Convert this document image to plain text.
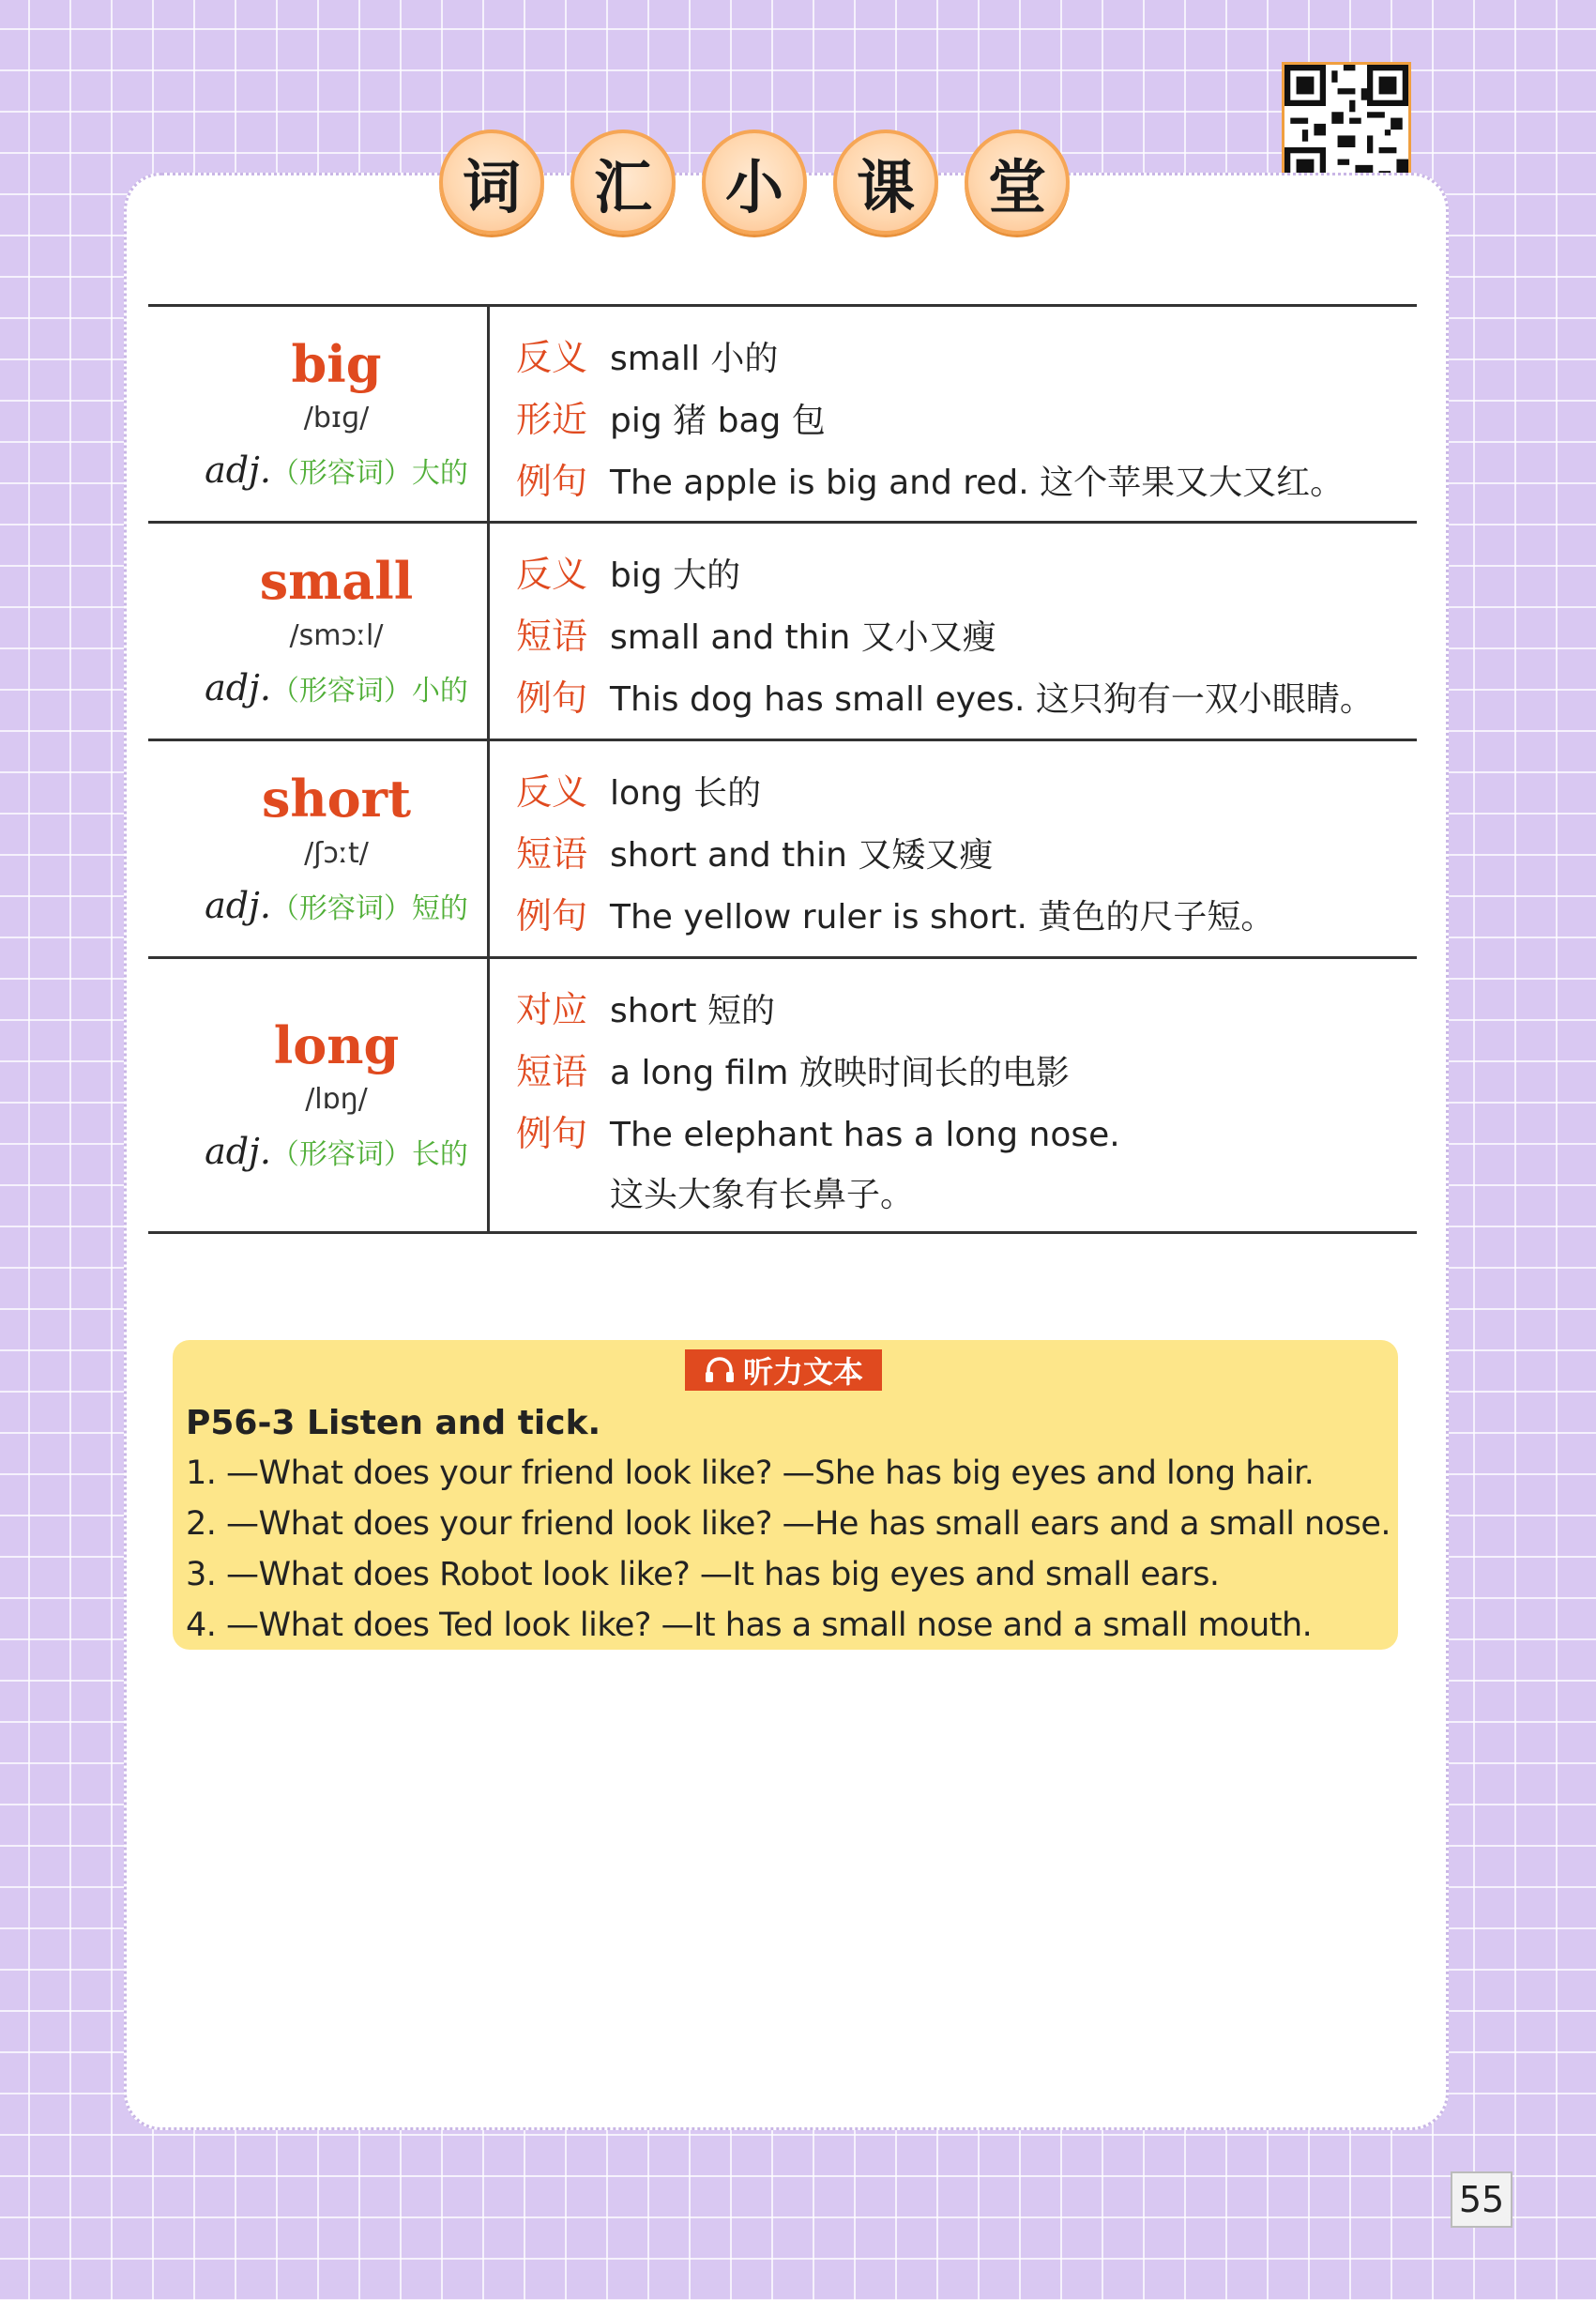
词	汇	小	课	堂
big
/bɪɡ/
adj.（形容词）大的
反义 small 小的
形近 pig 猪 bag 包
例句 The apple is big and red. 这个苹果又大又红。
small
/smɔːl/
adj.（形容词）小的
反义 big 大的
短语 small and thin 又小又瘦
例句 This dog has small eyes. 这只狗有一双小眼睛。
short
/ʃɔːt/
adj.（形容词）短的
反义 long 长的
短语 short and thin 又矮又瘦
例句 The yellow ruler is short. 黄色的尺子短。
long
/lɒŋ/
adj.（形容词）长的
对应 short 短的
短语 a long film 放映时间长的电影
例句 The elephant has a long nose.
这头大象有长鼻子。
听力文本
P56-3 Listen and tick.
1. —What does your friend look like? —She has big eyes and long hair.
2. —What does your friend look like? —He has small ears and a small nose.
3. —What does Robot look like? —It has big eyes and small ears.
4. —What does Ted look like? —It has a small nose and a small mouth.
55
